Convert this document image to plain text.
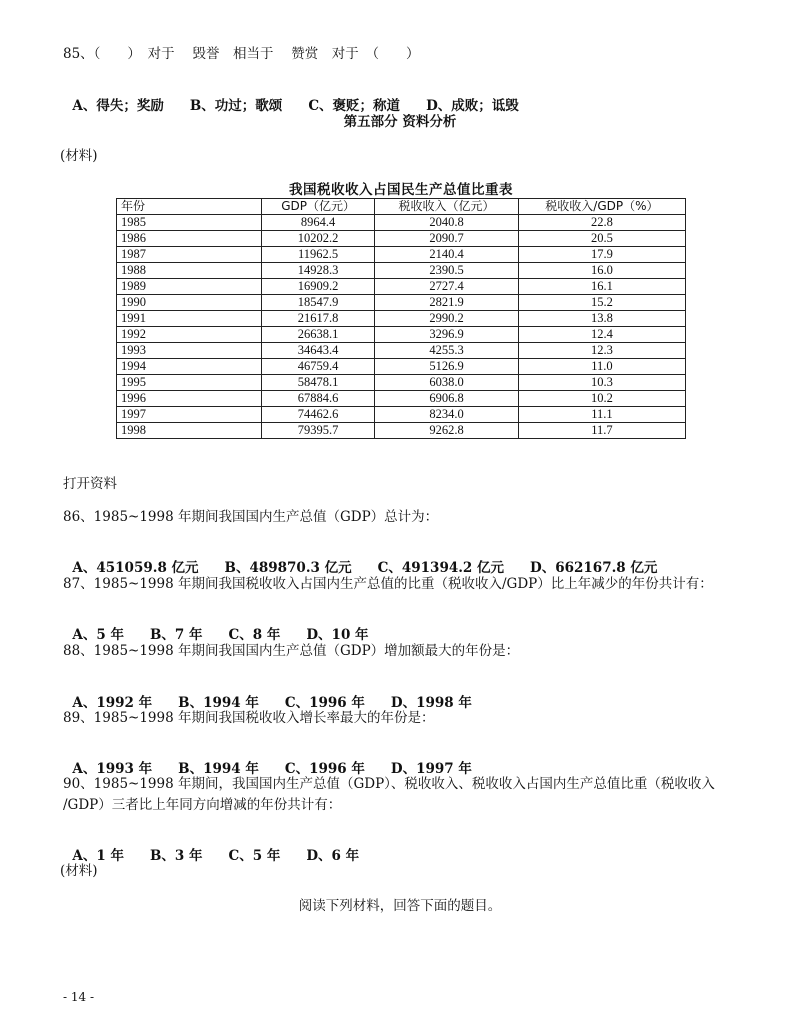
85、（　　）　对于　 毁誉　相当于　 赞赏　对于　（　　）

A、得失；奖励 B、功过；歌颂 C、褒贬；称道 D、成败；诋毁

第五部分 资料分析
(材料)
我国税收收入占国民生产总值比重表
年份	GDP（亿元）	税收收入（亿元）	税收收入/GDP（%）
1985	8964.4	2040.8	22.8
1986	10202.2	2090.7	20.5
1987	11962.5	2140.4	17.9
1988	14928.3	2390.5	16.0
1989	16909.2	2727.4	16.1
1990	18547.9	2821.9	15.2
1991	21617.8	2990.2	13.8
1992	26638.1	3296.9	12.4
1993	34643.4	4255.3	12.3
1994	46759.4	5126.9	11.0
1995	58478.1	6038.0	10.3
1996	67884.6	6906.8	10.2
1997	74462.6	8234.0	11.1
1998	79395.7	9262.8	11.7
打开资料
86、1985~1998 年期间我国国内生产总值（GDP）总计为：

A、451059.8 亿元 B、489870.3 亿元 C、491394.2 亿元 D、662167.8 亿元

87、1985~1998 年期间我国税收收入占国内生产总值的比重（税收收入/GDP）比上年减少的年份共计有：

A、5 年 B、7 年 C、8 年 D、10 年

88、1985~1998 年期间我国国内生产总值（GDP）增加额最大的年份是：

A、1992 年 B、1994 年 C、1996 年 D、1998 年

89、1985~1998 年期间我国税收收入增长率最大的年份是：

A、1993 年 B、1994 年 C、1996 年 D、1997 年

90、1985~1998 年期间，我国国内生产总值（GDP）、税收收入、税收收入占国内生产总值比重（税收收入
/GDP）三者比上年同方向增减的年份共计有：

A、1 年 B、3 年 C、5 年 D、6 年

(材料)
阅读下列材料，回答下面的题目。
- 14 -
